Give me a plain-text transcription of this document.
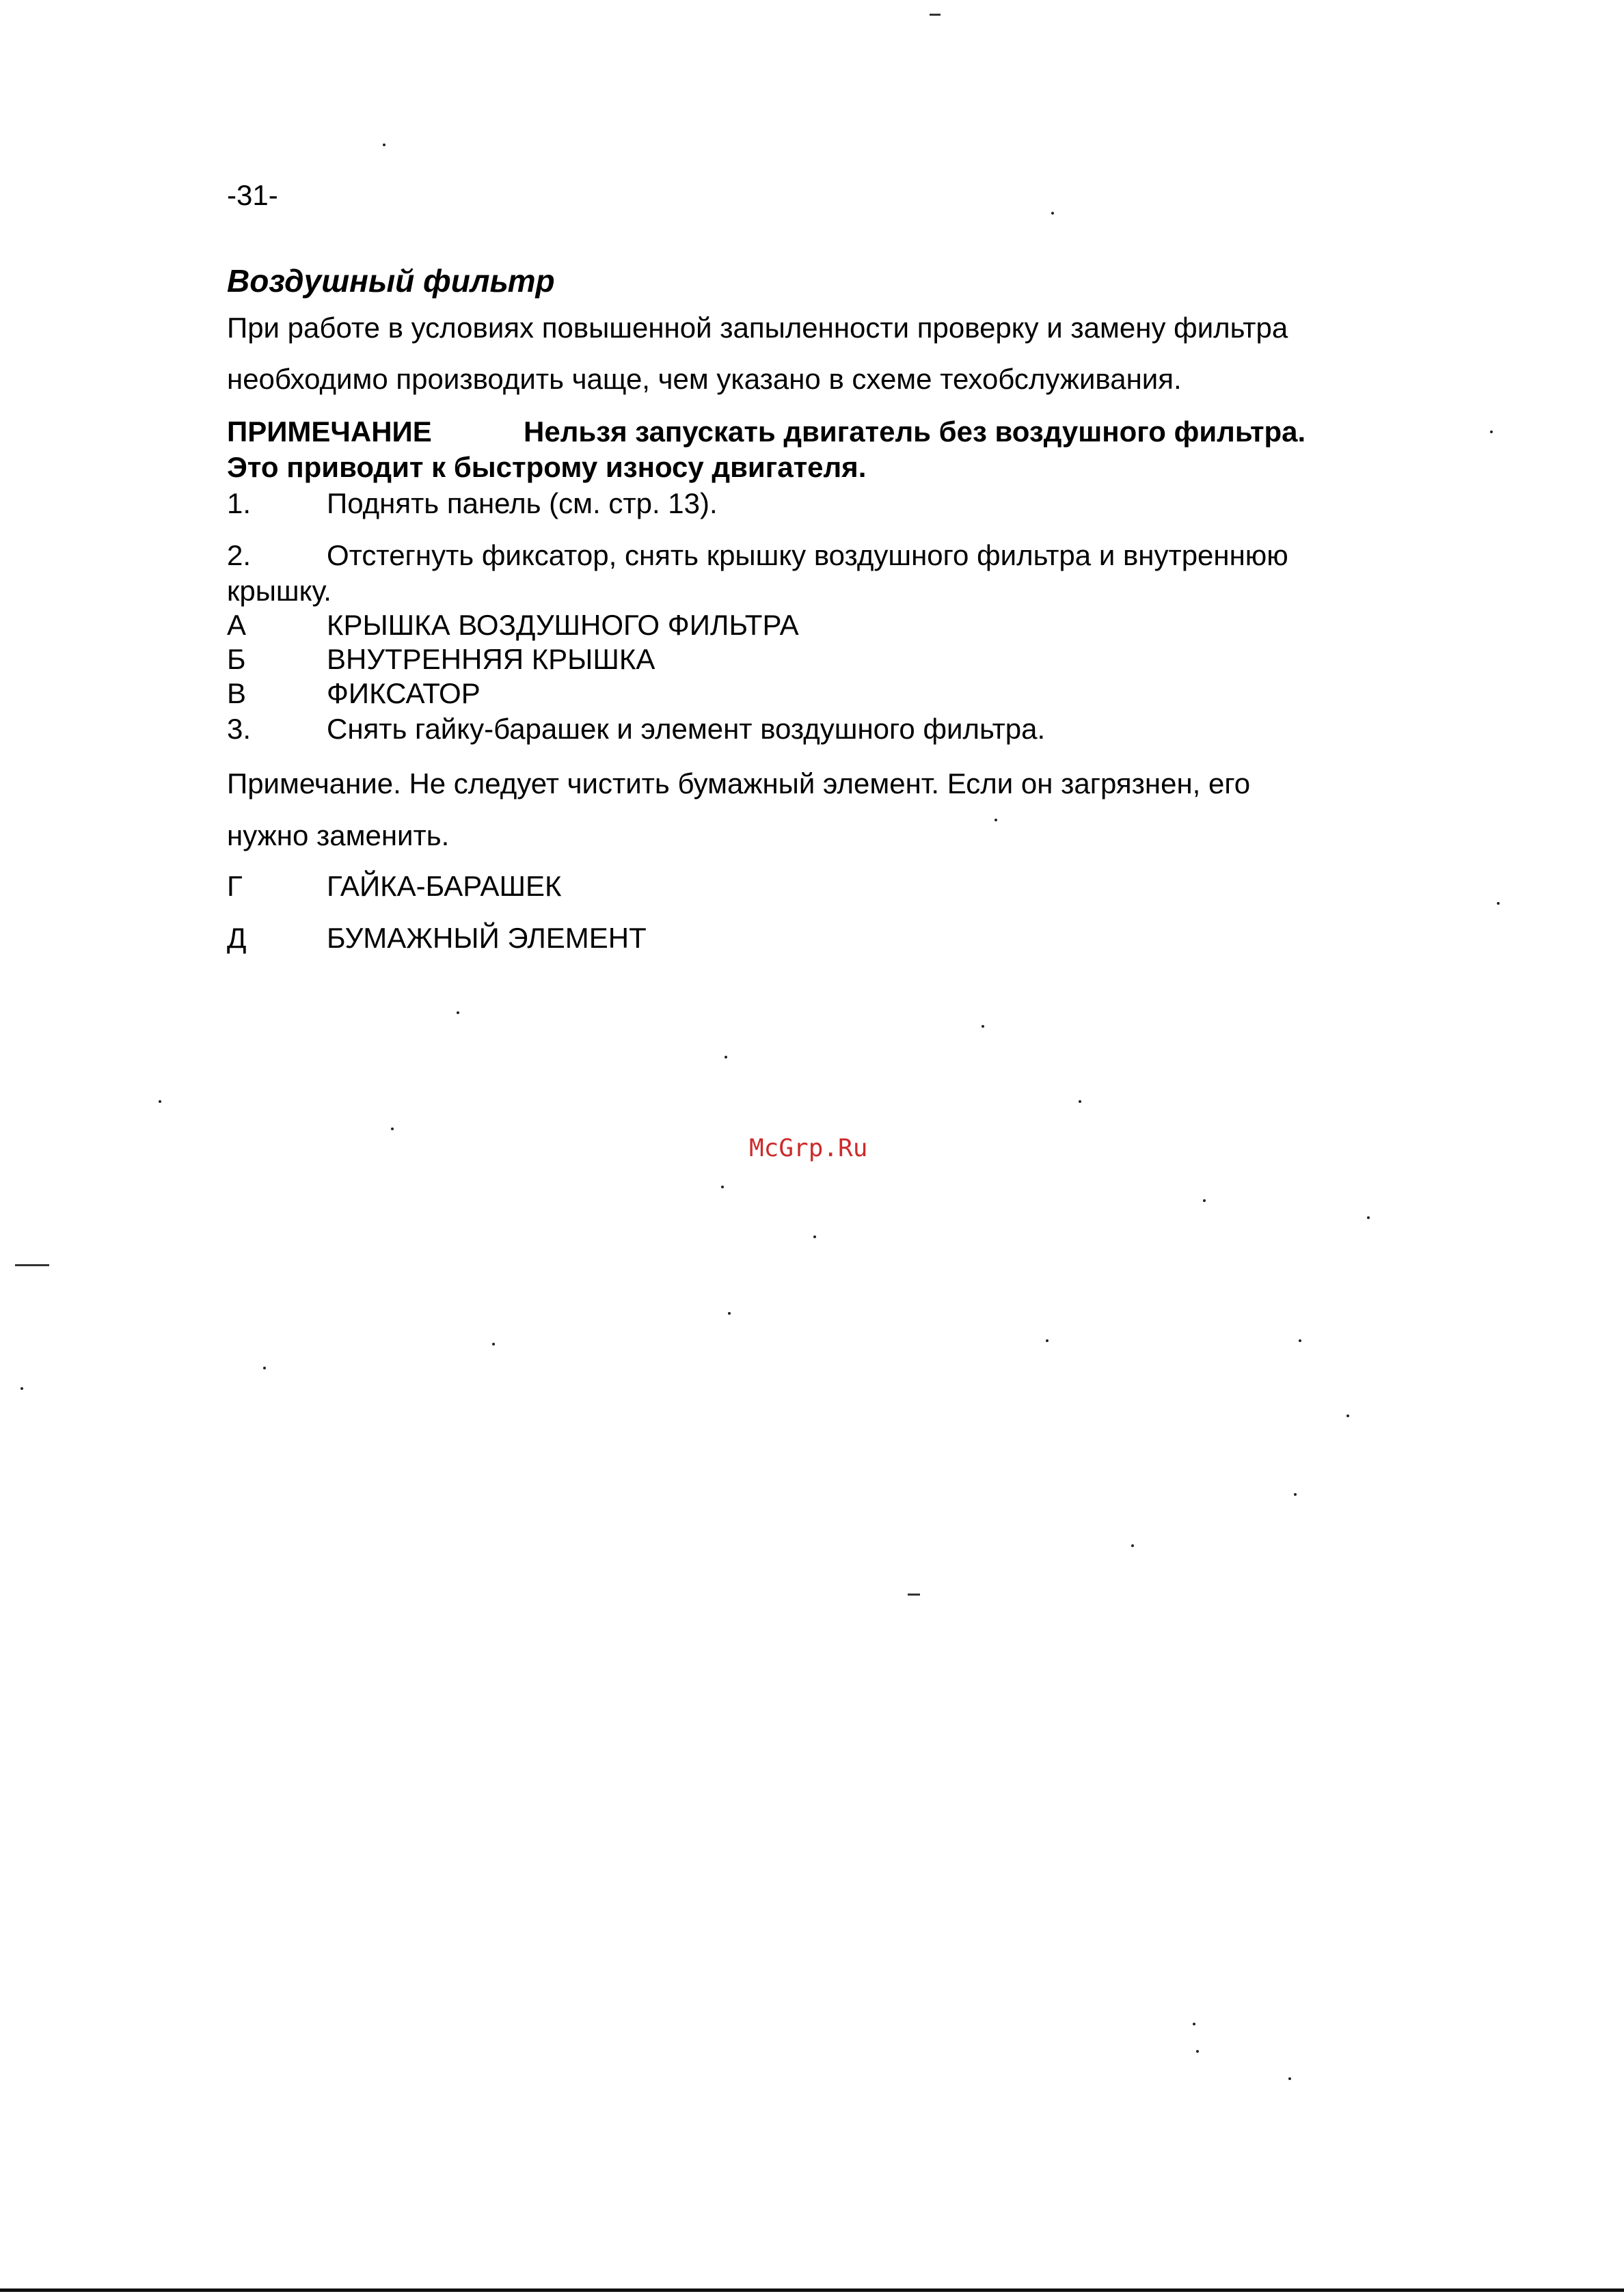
-31-
Воздушный фильтр
При работе в условиях повышенной запыленности проверку и замену фильтра
необходимо производить чаще, чем указано в схеме техобслуживания.
ПРИМЕЧАНИЕ	Нельзя запускать двигатель без воздушного фильтра.
Это приводит к быстрому износу двигателя.
1.	Поднять панель (см. стр. 13).
2.	Отстегнуть фиксатор, снять крышку воздушного фильтра и внутреннюю
крышку.
А	КРЫШКА ВОЗДУШНОГО ФИЛЬТРА
Б	ВНУТРЕННЯЯ КРЫШКА
В	ФИКСАТОР
3.	Снять гайку-барашек и элемент воздушного фильтра.
Примечание. Не следует чистить бумажный элемент. Если он загрязнен, его
нужно заменить.
Г	ГАЙКА-БАРАШЕК
Д	БУМАЖНЫЙ ЭЛЕМЕНТ
McGrp.Ru
